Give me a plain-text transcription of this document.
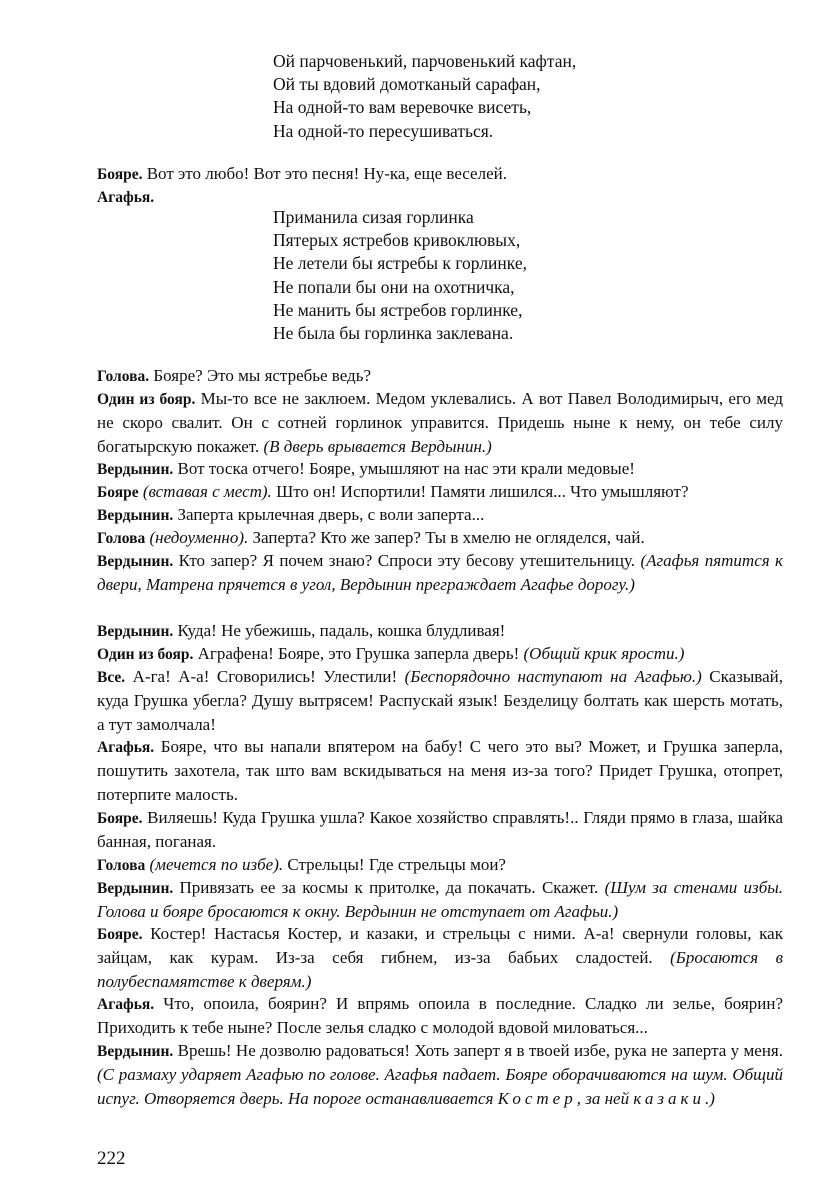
Ой парчовенький, парчовенький кафтан,
Ой ты вдовий домотканый сарафан,
На одной-то вам веревочке висеть,
На одной-то пересушиваться.
Бояре. Вот это любо! Вот это песня! Ну-ка, еще веселей.
Агафья.
Приманила сизая горлинка
Пятерых ястребов кривоклювых,
Не летели бы ястребы к горлинке,
Не попали бы они на охотничка,
Не манить бы ястребов горлинке,
Не была бы горлинка заклевана.
Голова. Бояре? Это мы ястребье ведь?
Один из бояр. Мы-то все не заклюем. Медом уклевались. А вот Павел Володимирыч, его мед не скоро свалит. Он с сотней горлинок управится. Придешь ныне к нему, он тебе силу богатырскую покажет. (В дверь врывается Вердынин.)
Вердынин. Вот тоска отчего! Бояре, умышляют на нас эти крали медовые!
Бояре (вставая с мест). Што он! Испортили! Памяти лишился... Что умышляют?
Вердынин. Заперта крылечная дверь, с воли заперта...
Голова (недоуменно). Заперта? Кто же запер? Ты в хмелю не огляделся, чай.
Вердынин. Кто запер? Я почем знаю? Спроси эту бесову утешительницу. (Агафья пятится к двери, Матрена прячется в угол, Вердынин преграждает Агафье дорогу.)
Вердынин. Куда! Не убежишь, падаль, кошка блудливая!
Один из бояр. Аграфена! Бояре, это Грушка заперла дверь! (Общий крик ярости.)
Все. А-га! А-а! Сговорились! Улестили! (Беспорядочно наступают на Агафью.) Сказывай, куда Грушка убегла? Душу вытрясем! Распускай язык! Безделицу болтать как шерсть мотать, а тут замолчала!
Агафья. Бояре, что вы напали впятером на бабу! С чего это вы? Может, и Грушка заперла, пошутить захотела, так што вам вскидываться на меня из-за того? Придет Грушка, отопрет, потерпите малость.
Бояре. Виляешь! Куда Грушка ушла? Какое хозяйство справлять!.. Гляди прямо в глаза, шайка банная, поганая.
Голова (мечется по избе). Стрельцы! Где стрельцы мои?
Вердынин. Привязать ее за космы к притолке, да покачать. Скажет. (Шум за стенами избы. Голова и бояре бросаются к окну. Вердынин не отступает от Агафьи.)
Бояре. Костер! Настасья Костер, и казаки, и стрельцы с ними. А-а! свернули головы, как зайцам, как курам. Из-за себя гибнем, из-за бабьих сладостей. (Бросаются в полубеспамятстве к дверям.)
Агафья. Что, опоила, боярин? И впрямь опоила в последние. Сладко ли зелье, боярин? Приходить к тебе ныне? После зелья сладко с молодой вдовой миловаться...
Вердынин. Врешь! Не дозволю радоваться! Хоть заперт я в твоей избе, рука не заперта у меня. (С размаху ударяет Агафью по голове. Агафья падает. Бояре оборачиваются на шум. Общий испуг. Отворяется дверь. На пороге останавливается Костер, за ней казаки.)
222
